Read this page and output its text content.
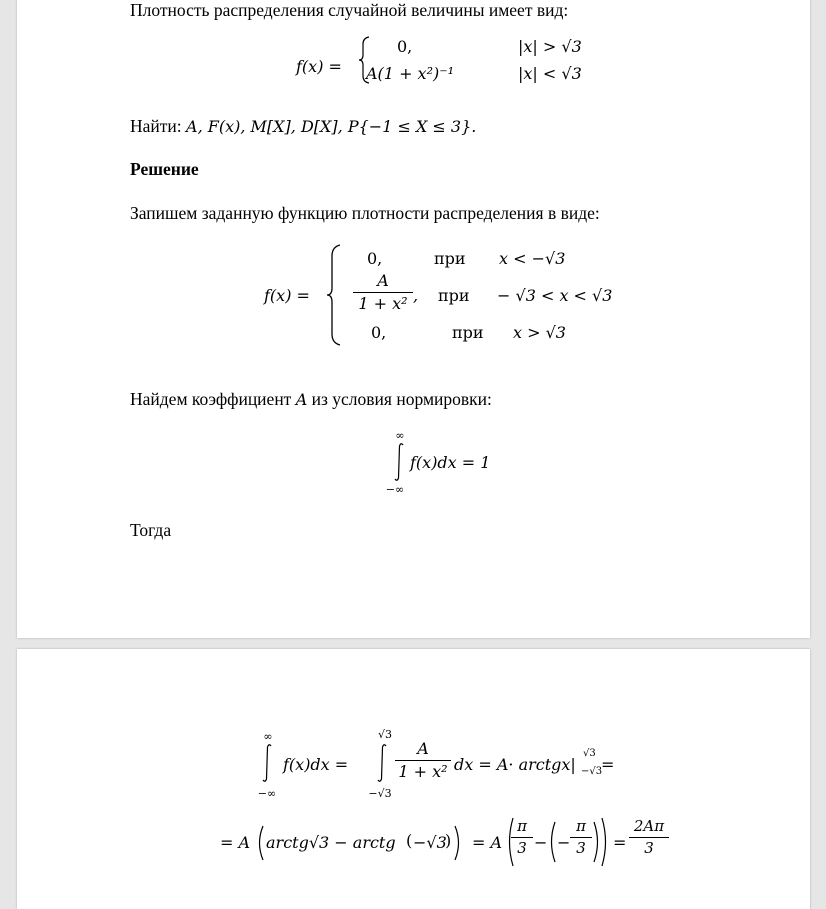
Плотность распределения случайной величины имеет вид:
f(x) =
0,	|x| > √3
A(1 + x²)⁻¹	|x| < √3
Найти: A, F(x), M[X], D[X], P{−1 ≤ X ≤ 3}.
Решение
Запишем заданную функцию плотности распределения в виде:
f(x) =
0,	при x < −√3
A
1 + x² , при − √3 < x < √3
0,	при x > √3
Найдем коэффициент A из условия нормировки:
∞
−∞
f(x)dx = 1
Тогда
∞
−∞
f(x)dx =
√3
−√3
A
1 + x² dx = A· arctgx|
√3
−√3
=
= A arctg√3 − arctg ( −√3
) = A
π
3 − −
π
3	=
2Aπ
3
